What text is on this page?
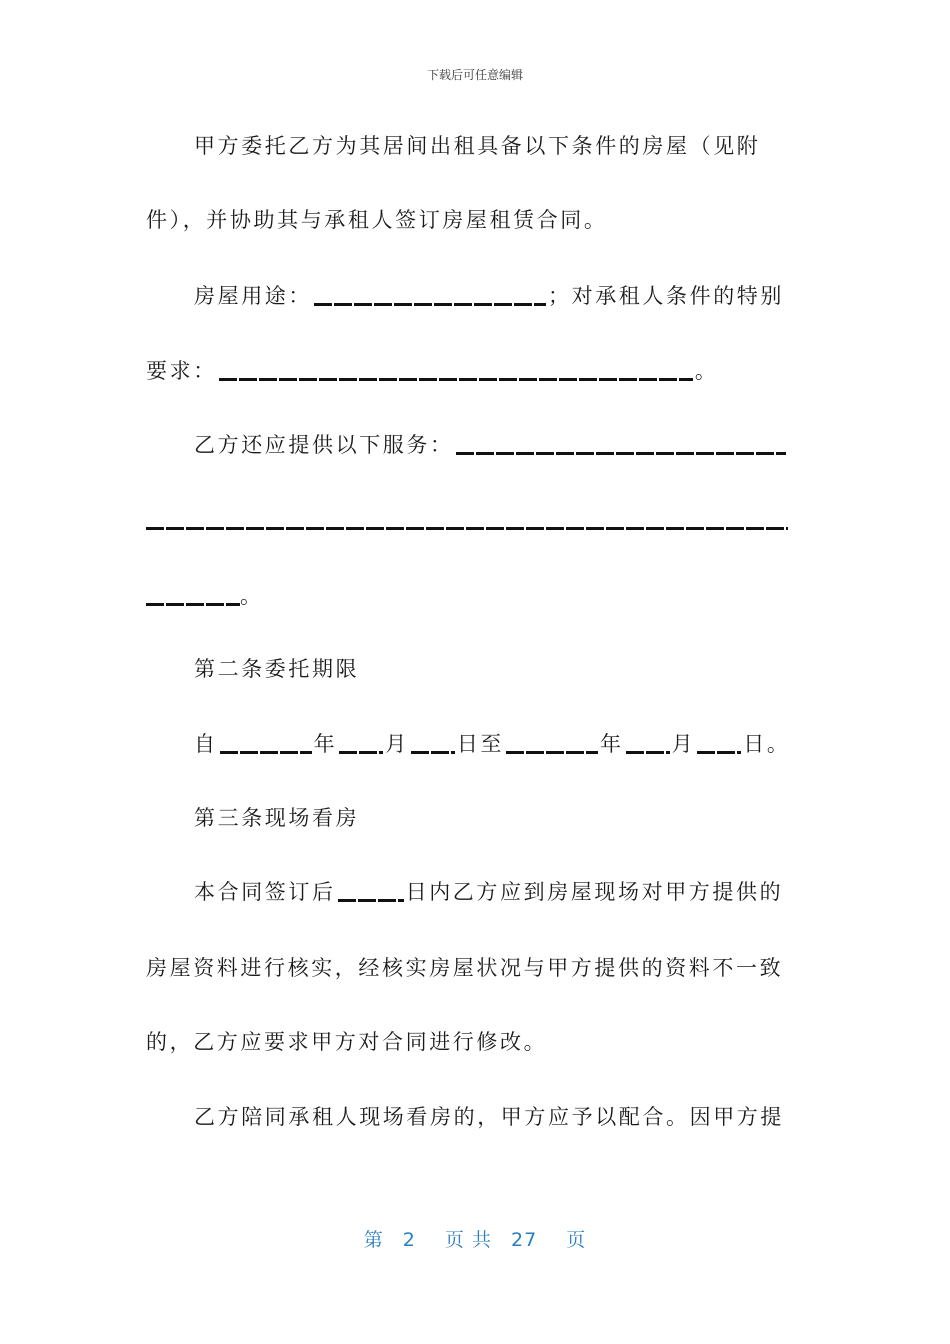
下载后可任意编辑
甲方委托乙方为其居间出租具备以下条件的房屋（见附
件），并协助其与承租人签订房屋租赁合同。
房屋用途：	；对承租人条件的特别
要求：	。
乙方还应提供以下服务：
。
第二条委托期限
自	年 月 日至	年 月 日。
第三条现场看房
本合同签订后	日内乙方应到房屋现场对甲方提供的
房屋资料进行核实，经核实房屋状况与甲方提供的资料不一致
的，乙方应要求甲方对合同进行修改。
乙方陪同承租人现场看房的，甲方应予以配合。因甲方提
第 2 页 共 27 页
